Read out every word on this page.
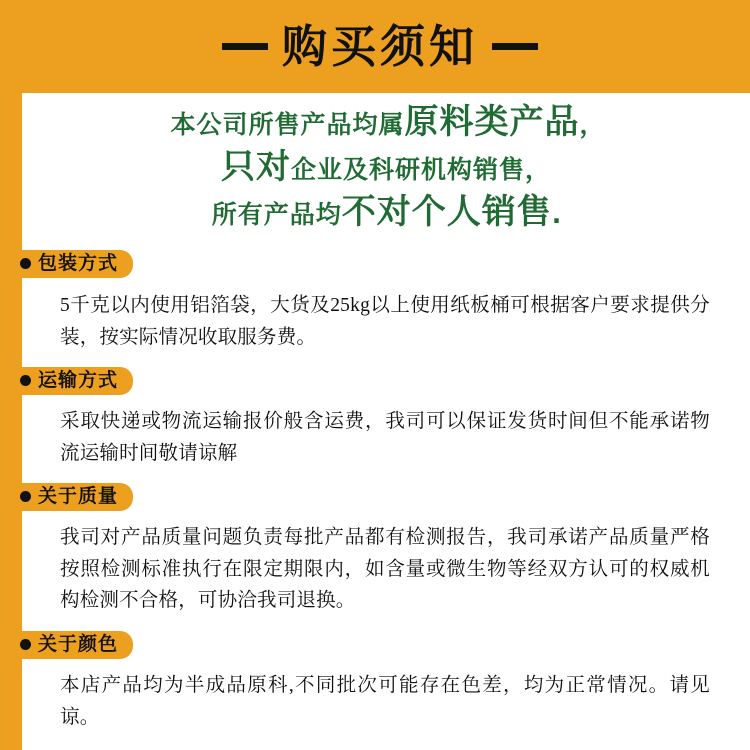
购买须知
本公司所售产品均属原料类产品，
只对企业及科研机构销售，
所有产品均不对个人销售.
包装方式
5千克以内使用铝箔袋，大货及25kg以上使用纸板桶可根据客户要求提供分装，按实际情况收取服务费。
运输方式
采取快递或物流运输报价般含运费，我司可以保证发货时间但不能承诺物流运输时间敬请谅解
关于质量
我司对产品质量问题负责每批产品都有检测报告，我司承诺产品质量严格按照检测标准执行在限定期限内，如含量或微生物等经双方认可的权威机构检测不合格，可协洽我司退换。
关于颜色
本店产品均为半成品原科,不同批次可能存在色差，均为正常情况。请见谅。
